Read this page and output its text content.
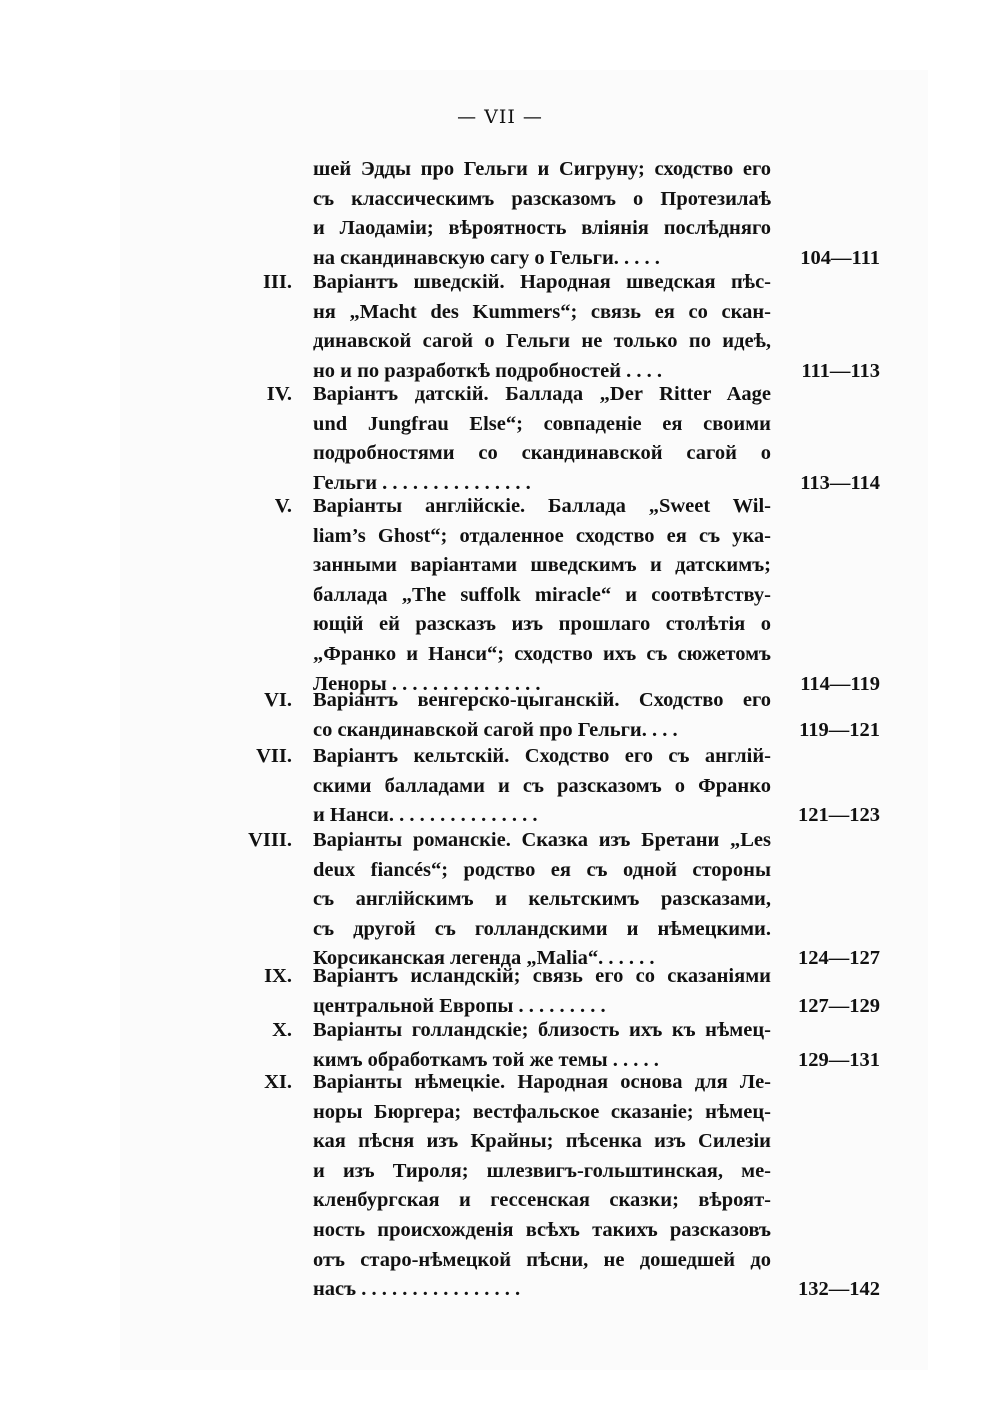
— VII —
шей Эдды про Гельги и Сигруну; сходство его
съ классическимъ разсказомъ о Протезилаѣ
и Лаодаміи; вѣроятность вліянія послѣдняго
на скандинавскую сагу о Гельги. . . . .	104—111
III. Варіантъ шведскій. Народная шведская пѣс-
ня „Macht des Kummers“; связь ея со скан-
динавской сагой о Гельги не только по идеѣ,
но и по разработкѣ подробностей . . . .	111—113
IV. Варіантъ датскій. Баллада „Der Ritter Aage
und Jungfrau Else“; совпаденіе ея своими
подробностями со скандинавской сагой о
Гельги . . . . . . . . . . . . . . .	113—114
V. Варіанты англійскіе. Баллада „Sweet Wil-
liam’s Ghost“; отдаленное сходство ея съ ука-
занными варіантами шведскимъ и датскимъ;
баллада „The suffolk miracle“ и соотвѣтству-
ющій ей разсказъ изъ прошлаго столѣтія о
„Франко и Нанси“; сходство ихъ съ сюжетомъ
Леноры . . . . . . . . . . . . . . .	114—119
VI. Варіантъ венгерско-цыганскій. Сходство его
со скандинавской сагой про Гельги. . . .	119—121
VII. Варіантъ кельтскій. Сходство его съ англій-
скими балладами и съ разсказомъ о Франко
и Нанси. . . . . . . . . . . . . . .	121—123
VIII. Варіанты романскіе. Сказка изъ Бретани „Les
deux fiancés“; родство ея съ одной стороны
съ англійскимъ и кельтскимъ разсказами,
съ другой съ голландскими и нѣмецкими.
Корсиканская легенда „Malia“. . . . . .	124—127
IX. Варіантъ исландскій; связь его со сказаніями
центральной Европы . . . . . . . . .	127—129
X. Варіанты голландскіе; близость ихъ къ нѣмец-
кимъ обработкамъ той же темы . . . . .	129—131
XI. Варіанты нѣмецкіе. Народная основа для Ле-
норы Бюргера; вестфальское сказаніе; нѣмец-
кая пѣсня изъ Крайны; пѣсенка изъ Силезіи
и изъ Тироля; шлезвигъ-гольштинская, ме-
кленбургская и гессенская сказки; вѣроят-
ность происхожденія всѣхъ такихъ разсказовъ
отъ старо-нѣмецкой пѣсни, не дошедшей до
насъ . . . . . . . . . . . . . . . .	132—142
